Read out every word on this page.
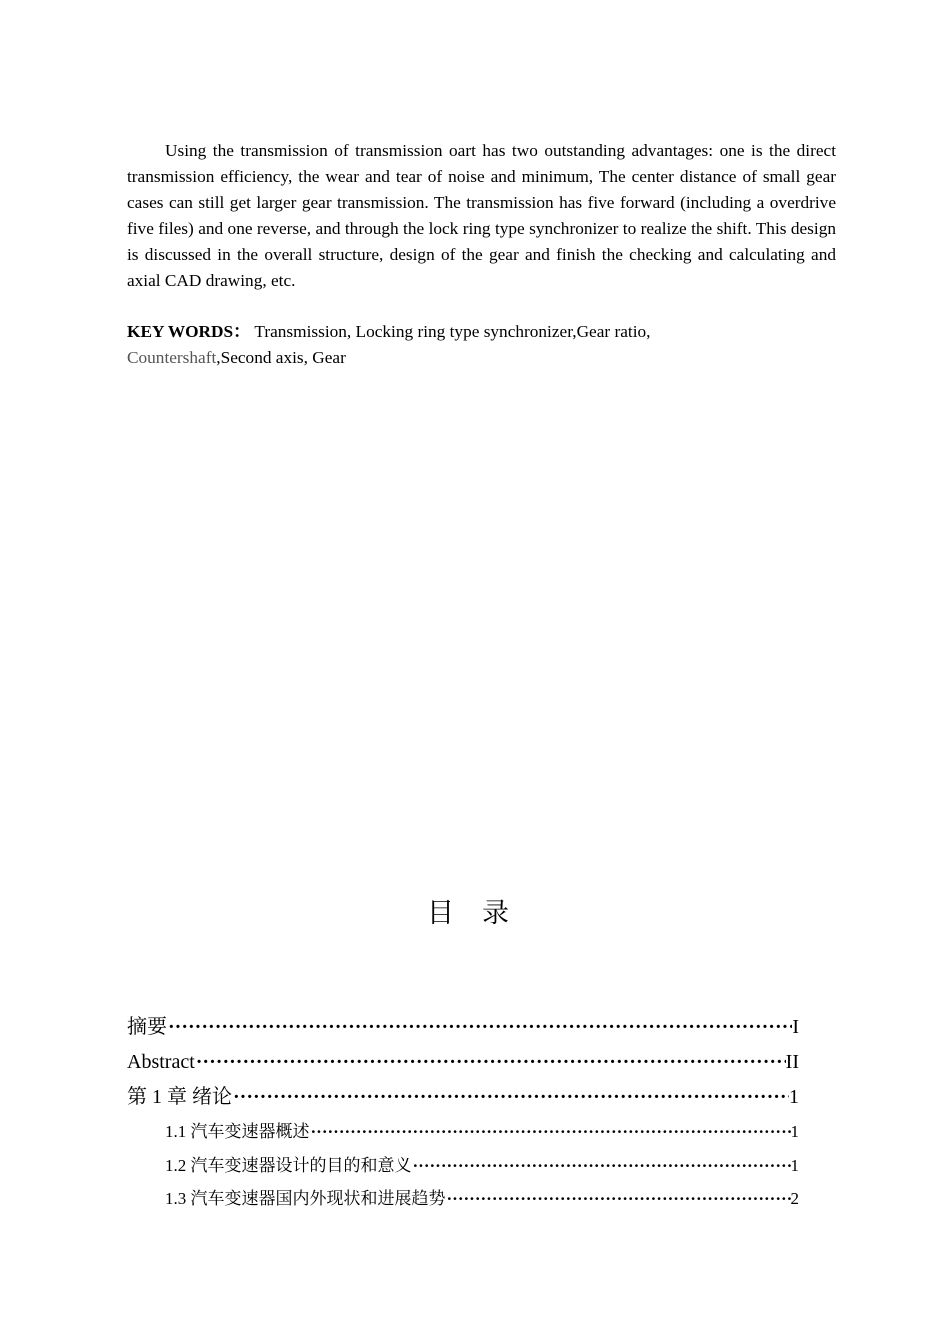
Using the transmission of transmission oart has two outstanding advantages: one is the direct transmission efficiency, the wear and tear of noise and minimum, The center distance of small gear cases can still get larger gear transmission. The transmission has five forward (including a overdrive five files) and one reverse, and through the lock ring type synchronizer to realize the shift. This design is discussed in the overall structure, design of the gear and finish the checking and calculating and axial CAD drawing, etc.

KEY WORDS： Transmission, Locking ring type synchronizer,Gear ratio,
Countershaft,Second axis, Gear

目录
摘要 ·····	I
Abstract ·····	II
第 1 章 绪论 ·····	1
1.1 汽车变速器概述 ·····	1
1.2 汽车变速器设计的目的和意义 ·····	1
1.3 汽车变速器国内外现状和进展趋势 ·····	2
